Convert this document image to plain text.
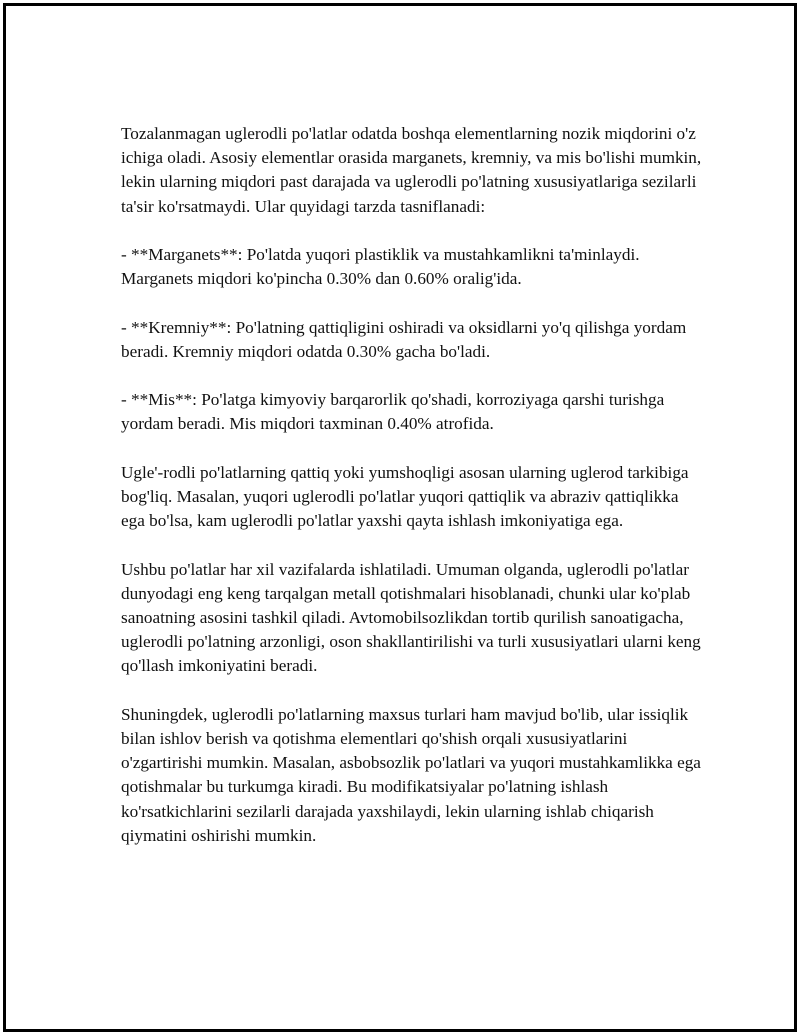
Tozalanmagan uglerodli po'latlar odatda boshqa elementlarning nozik miqdorini o'z ichiga oladi. Asosiy elementlar orasida marganets, kremniy, va mis bo'lishi mumkin, lekin ularning miqdori past darajada va uglerodli po'latning xususiyatlariga sezilarli ta'sir ko'rsatmaydi. Ular quyidagi tarzda tasniflanadi:

- **Marganets**: Po'latda yuqori plastiklik va mustahkamlikni ta'minlaydi. Marganets miqdori ko'pincha 0.30% dan 0.60% oralig'ida.

- **Kremniy**: Po'latning qattiqligini oshiradi va oksidlarni yo'q qilishga yordam beradi. Kremniy miqdori odatda 0.30% gacha bo'ladi.

- **Mis**: Po'latga kimyoviy barqarorlik qo'shadi, korroziyaga qarshi turishga yordam beradi. Mis miqdori taxminan 0.40% atrofida.

Ugle'-rodli po'latlarning qattiq yoki yumshoqligi asosan ularning uglerod tarkibiga bog'liq. Masalan, yuqori uglerodli po'latlar yuqori qattiqlik va abraziv qattiqlikka ega bo'lsa, kam uglerodli po'latlar yaxshi qayta ishlash imkoniyatiga ega.

Ushbu po'latlar har xil vazifalarda ishlatiladi. Umuman olganda, uglerodli po'latlar dunyodagi eng keng tarqalgan metall qotishmalari hisoblanadi, chunki ular ko'plab sanoatning asosini tashkil qiladi. Avtomobilsozlikdan tortib qurilish sanoatigacha, uglerodli po'latning arzonligi, oson shakllantirilishi va turli xususiyatlari ularni keng qo'llash imkoniyatini beradi.

Shuningdek, uglerodli po'latlarning maxsus turlari ham mavjud bo'lib, ular issiqlik bilan ishlov berish va qotishma elementlari qo'shish orqali xususiyatlarini o'zgartirishi mumkin. Masalan, asbobsozlik po'latlari va yuqori mustahkamlikka ega qotishmalar bu turkumga kiradi. Bu modifikatsiyalar po'latning ishlash ko'rsatkichlarini sezilarli darajada yaxshilaydi, lekin ularning ishlab chiqarish qiymatini oshirishi mumkin.
